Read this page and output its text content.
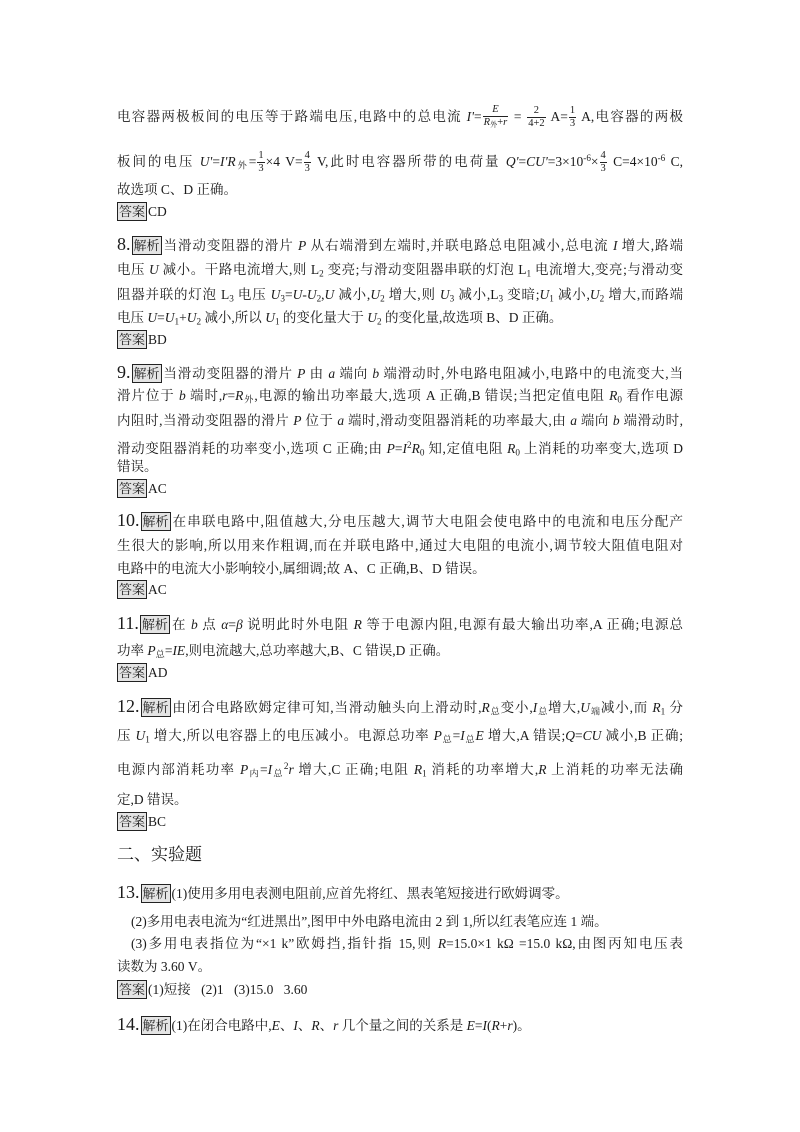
电容器两极板间的电压等于路端电压,电路中的总电流 $I'= \frac{E}{\text{R外+r}} = \frac{2}{4+2} A= \frac{1}{3} A$,电容器的两极
板间的电压 U'=I'R外= $\frac{1}{3} \times 4$ $V= \frac{4}{3} V$,此时电容器所带的电荷量 $Q'=CU'=3\times 10^{-6}\times \frac{4}{3} C=4\times 10^{-6}$ C,
故选项 C、D 正确。
答案 CD
8. 解析 当滑动变阻器的滑片 P 从右端滑到左端时,并联电路总电阻减小,总电流 I 增大,路端
电压 U 减小。干路电流增大,则 L2 变亮;与滑动变阻器串联的灯泡 L1 电流增大,变亮;与滑动变
阻器并联的灯泡 L3 电压 U3=U-U2,U 减小,U2 增大,则 U3 减小,L3 变暗;U1 减小,U2 增大,而路端
电压 U=U1+U2 减小,所以 U1 的变化量大于 U2 的变化量,故选项 B、D 正确。
答案 BD
9. 解析 当滑动变阻器的滑片 P 由 a 端向 b 端滑动时,外电路电阻减小,电路中的电流变大,当
滑片位于 b 端时,r=R外,电源的输出功率最大,选项 A 正确,B 错误;当把定值电阻 R0 看作电源
内阻时,当滑动变阻器的滑片 P 位于 a 端时,滑动变阻器消耗的功率最大,由 a 端向 b 端滑动时,
滑动变阻器消耗的功率变小,选项 C 正确;由 $P=I^2R0$ 知,定值电阻 R0 上消耗的功率变大,选项 D
错误。
答案 AC
10. 解析 在串联电路中,阻值越大,分电压越大,调节大电阻会使电路中的电流和电压分配产
生很大的影响,所以用来作粗调,而在并联电路中,通过大电阻的电流小,调节较大阻值电阻对
电路中的电流大小影响较小,属细调;故 A、C 正确,B、D 错误。
答案 AC
11. 解析 在 b 点 α=β 说明此时外电阻 R 等于电源内阻,电源有最大输出功率,A 正确;电源总
功率 P总=IE,则电流越大,总功率越大,B、C 错误,D 正确。
答案 AD
12. 解析 由闭合电路欧姆定律可知,当滑动触头向上滑动时,R总变小,I总增大,U端减小,而 R1 分
压 U1 增大,所以电容器上的电压减小。电源总功率 P总=I总E 增大,A 错误;Q=CU 减小,B 正确;
电源内部消耗功率 P内=I总$^2$r 增大,C 正确;电阻 R1 消耗的功率增大,R 上消耗的功率无法确
定,D 错误。
答案 BC
二、实验题
13. 解析 (1)使用多用电表测电阻前,应首先将红、黑表笔短接进行欧姆调零。
(2)多用电表电流为“红进黑出”,图甲中外电路电流由 2 到 1,所以红表笔应连 1 端。
(3)多用电表指位为“×1 k”欧姆挡,指针指 15,则 R=15.0×1 kΩ =15.0 kΩ,由图丙知电压表
读数为 3.60 V。
答案 (1)短接 (2)1 (3)15.0 3.60
14. 解析 (1)在闭合电路中,E、I、R、r 几个量之间的关系是 E=I(R+r)。
